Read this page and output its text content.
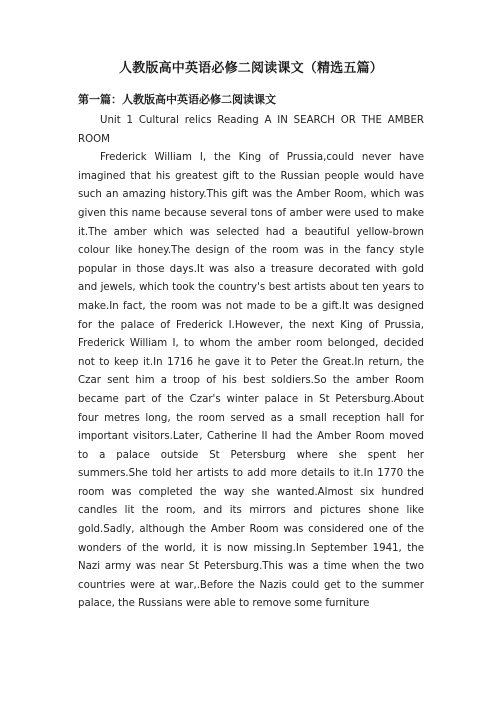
人教版高中英语必修二阅读课文（精选五篇）
第一篇：人教版高中英语必修二阅读课文

Unit 1 Cultural relics Reading A IN SEARCH OR THE AMBER ROOM

Frederick William I, the King of Prussia,could never have imagined that his greatest gift to the Russian people would have such an amazing history.This gift was the Amber Room, which was given this name because several tons of amber were used to make it.The amber which was selected had a beautiful yellow-brown colour like honey.The design of the room was in the fancy style popular in those days.It was also a treasure decorated with gold and jewels, which took the country's best artists about ten years to make.In fact, the room was not made to be a gift.It was designed for the palace of Frederick I.However, the next King of Prussia, Frederick William I, to whom the amber room belonged, decided not to keep it.In 1716 he gave it to Peter the Great.In return, the Czar sent him a troop of his best soldiers.So the amber Room became part of the Czar's winter palace in St Petersburg.About four metres long, the room served as a small reception hall for important visitors.Later, Catherine II had the Amber Room moved to a palace outside St Petersburg where she spent her summers.She told her artists to add more details to it.In 1770 the room was completed the way she wanted.Almost six hundred candles lit the room, and its mirrors and pictures shone like gold.Sadly, although the Amber Room was considered one of the wonders of the world, it is now missing.In September 1941, the Nazi army was near St Petersburg.This was a time when the two countries were at war,.Before the Nazis could get to the summer palace, the Russians were able to remove some furniture
